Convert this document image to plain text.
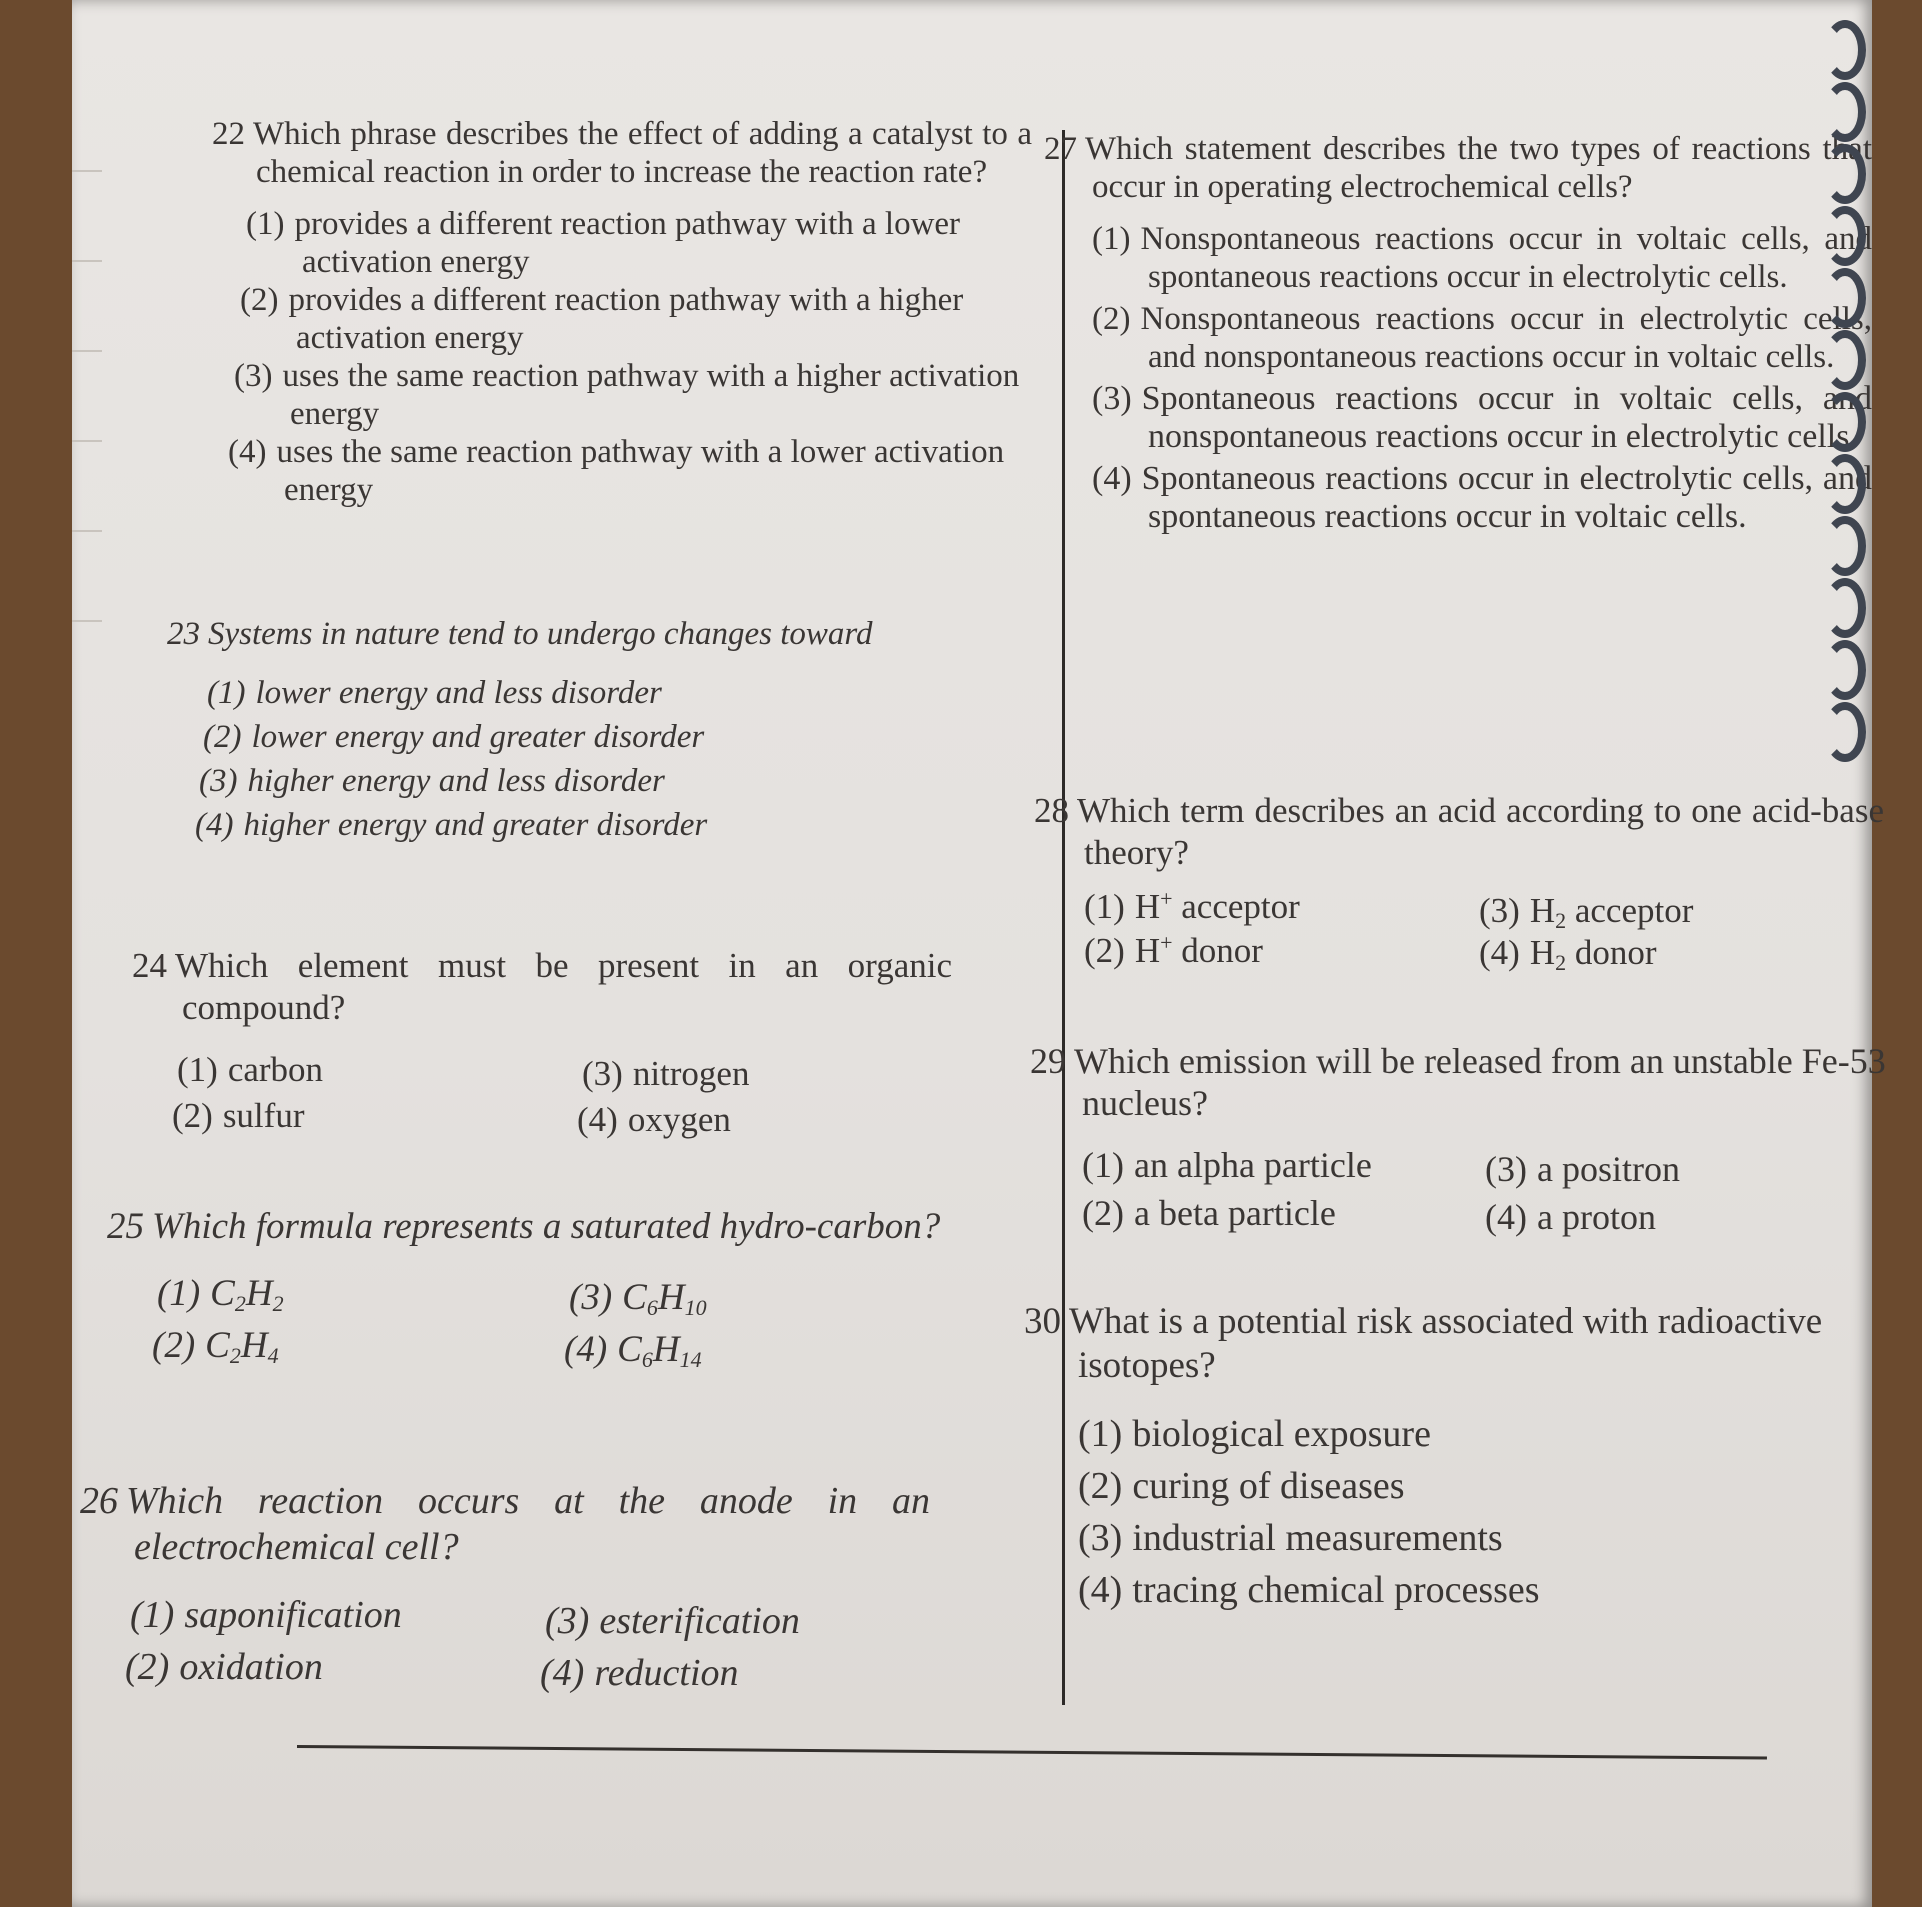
22 Which phrase describes the effect of adding a catalyst to a chemical reaction in order to increase the reaction rate?
(1) provides a different reaction pathway with a lower activation energy
(2) provides a different reaction pathway with a higher activation energy
(3) uses the same reaction pathway with a higher activation energy
(4) uses the same reaction pathway with a lower activation energy
23 Systems in nature tend to undergo changes toward
(1) lower energy and less disorder
(2) lower energy and greater disorder
(3) higher energy and less disorder
(4) higher energy and greater disorder
24 Which element must be present in an organic compound?
(1) carbon
(2) sulfur
(3) nitrogen
(4) oxygen
25 Which formula represents a saturated hydro-carbon?
(1) $C_2H_2$
(2) $C_2H_4$
(3) $C_6H_{10}$
(4) $C_6H_{14}$
26 Which reaction occurs at the anode in an electrochemical cell?
(1) saponification
(2) oxidation
(3) esterification
(4) reduction
27 Which statement describes the two types of reactions that occur in operating electrochemical cells?
(1) Nonspontaneous reactions occur in voltaic cells, and spontaneous reactions occur in electrolytic cells.
(2) Nonspontaneous reactions occur in electrolytic cells, and nonspontaneous reactions occur in voltaic cells.
(3) Spontaneous reactions occur in voltaic cells, and nonspontaneous reactions occur in electrolytic cells.
(4) Spontaneous reactions occur in electrolytic cells, and spontaneous reactions occur in voltaic cells.
28 Which term describes an acid according to one acid-base theory?
(1) H+ acceptor
(2) H+ donor
(3) $H_2$ acceptor
(4) $H_2$ donor
29 Which emission will be released from an unstable Fe-53 nucleus?
(1) an alpha particle
(2) a beta particle
(3) a positron
(4) a proton
30 What is a potential risk associated with radioactive isotopes?
(1) biological exposure
(2) curing of diseases
(3) industrial measurements
(4) tracing chemical processes
